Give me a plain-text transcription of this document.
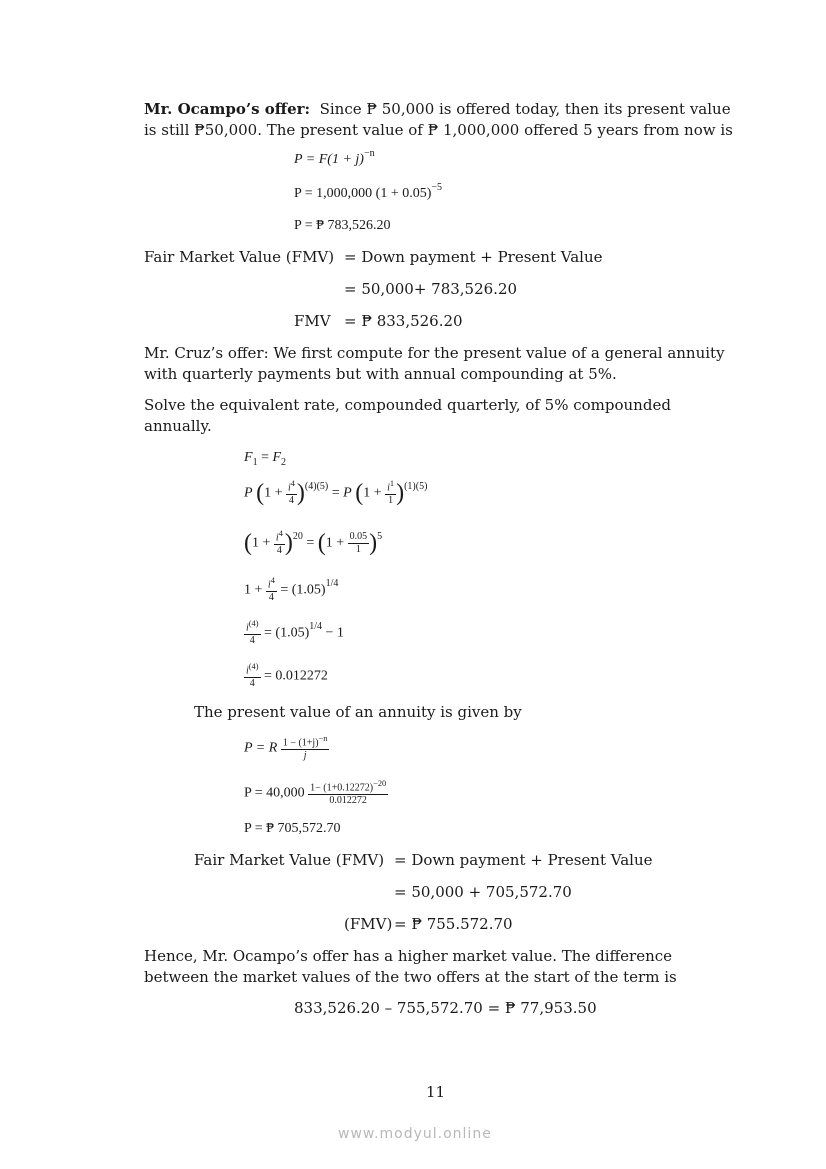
Mr. Ocampo’s offer: Since ₱ 50,000 is offered today, then its present value
is still ₱50,000. The present value of ₱ 1,000,000 offered 5 years from now is
$P = F(1 + j)^{-n}$
P = 1,000,000 $(1 + 0.05)^{-5}$
P = ₱ 783,526.20
Fair Market Value (FMV) = Down payment + Present Value
= 50,000+ 783,526.20
FMV = ₱ 833,526.20
Mr. Cruz’s offer: We first compute for the present value of a general annuity
with quarterly payments but with annual compounding at 5%.
Solve the equivalent rate, compounded quarterly, of 5% compounded
annually.
$F_1 = F_2$
P $(1 + \frac{i^4}{4} )^{(4)(5)} = P$ $(1 + \frac{i^1}{1} )^{(1)(5)}$
$(1 + \frac{i^4}{4} )^{20} = (1 + \frac{0.05}{1} )^5$
$1 + \frac{i^4}{4} = (1.05)^{1/4}$
$\frac{i^{(4)}}{4} = (1.05)^{1/4} - 1$
$\frac{i^{(4)}}{4} = 0.012272$
The present value of an annuity is given by
P = R $\frac{1 - (1+j)^{-n}}{j}$
$P = 40,000 \frac{1- (1+0.12272)^{-20}}{0.012272}$
P = ₱ 705,572.70
Fair Market Value (FMV) = Down payment + Present Value
= 50,000 + 705,572.70
(FMV) = ₱ 755.572.70
Hence, Mr. Ocampo’s offer has a higher market value. The difference
between the market values of the two offers at the start of the term is
833,526.20 – 755,572.70 = ₱ 77,953.50
11
www.modyul.online
